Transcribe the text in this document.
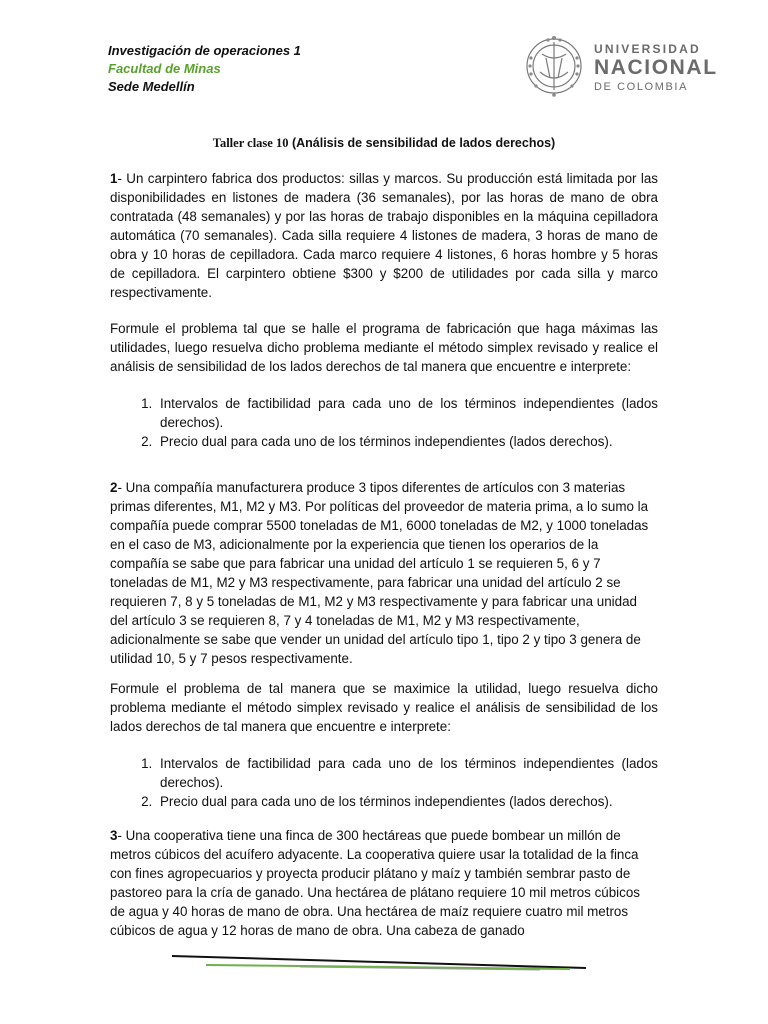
Investigación de operaciones 1
Facultad de Minas
Sede Medellín
UNIVERSIDAD
NACIONAL
DE COLOMBIA
Taller clase 10 (Análisis de sensibilidad de lados derechos)

1- Un carpintero fabrica dos productos: sillas y marcos. Su producción está limitada por las disponibilidades en listones de madera (36 semanales), por las horas de mano de obra contratada (48 semanales) y por las horas de trabajo disponibles en la máquina cepilladora automática (70 semanales). Cada silla requiere 4 listones de madera, 3 horas de mano de obra y 10 horas de cepilladora. Cada marco requiere 4 listones, 6 horas hombre y 5 horas de cepilladora. El carpintero obtiene $300 y $200 de utilidades por cada silla y marco respectivamente.

Formule el problema tal que se halle el programa de fabricación que haga máximas las utilidades, luego resuelva dicho problema mediante el método simplex revisado y realice el análisis de sensibilidad de los lados derechos de tal manera que encuentre e interprete:

1. Intervalos de factibilidad para cada uno de los términos independientes (lados derechos).
2. Precio dual para cada uno de los términos independientes (lados derechos).

2- Una compañía manufacturera produce 3 tipos diferentes de artículos con 3 materias primas diferentes, M1, M2 y M3. Por políticas del proveedor de materia prima, a lo sumo la compañía puede comprar 5500 toneladas de M1, 6000 toneladas de M2, y 1000 toneladas en el caso de M3, adicionalmente por la experiencia que tienen los operarios de la compañía se sabe que para fabricar una unidad del artículo 1 se requieren 5, 6 y 7 toneladas de M1, M2 y M3 respectivamente, para fabricar una unidad del artículo 2 se requieren 7, 8 y 5 toneladas de M1, M2 y M3 respectivamente y para fabricar una unidad del artículo 3 se requieren 8, 7 y 4 toneladas de M1, M2 y M3 respectivamente, adicionalmente se sabe que vender un unidad del artículo tipo 1, tipo 2 y tipo 3 genera de utilidad 10, 5 y 7 pesos respectivamente.

Formule el problema de tal manera que se maximice la utilidad, luego resuelva dicho problema mediante el método simplex revisado y realice el análisis de sensibilidad de los lados derechos de tal manera que encuentre e interprete:

1. Intervalos de factibilidad para cada uno de los términos independientes (lados derechos).
2. Precio dual para cada uno de los términos independientes (lados derechos).

3- Una cooperativa tiene una finca de 300 hectáreas que puede bombear un millón de metros cúbicos del acuífero adyacente. La cooperativa quiere usar la totalidad de la finca con fines agropecuarios y proyecta producir plátano y maíz y también sembrar pasto de pastoreo para la cría de ganado. Una hectárea de plátano requiere 10 mil metros cúbicos de agua y 40 horas de mano de obra. Una hectárea de maíz requiere cuatro mil metros cúbicos de agua y 12 horas de mano de obra. Una cabeza de ganado
